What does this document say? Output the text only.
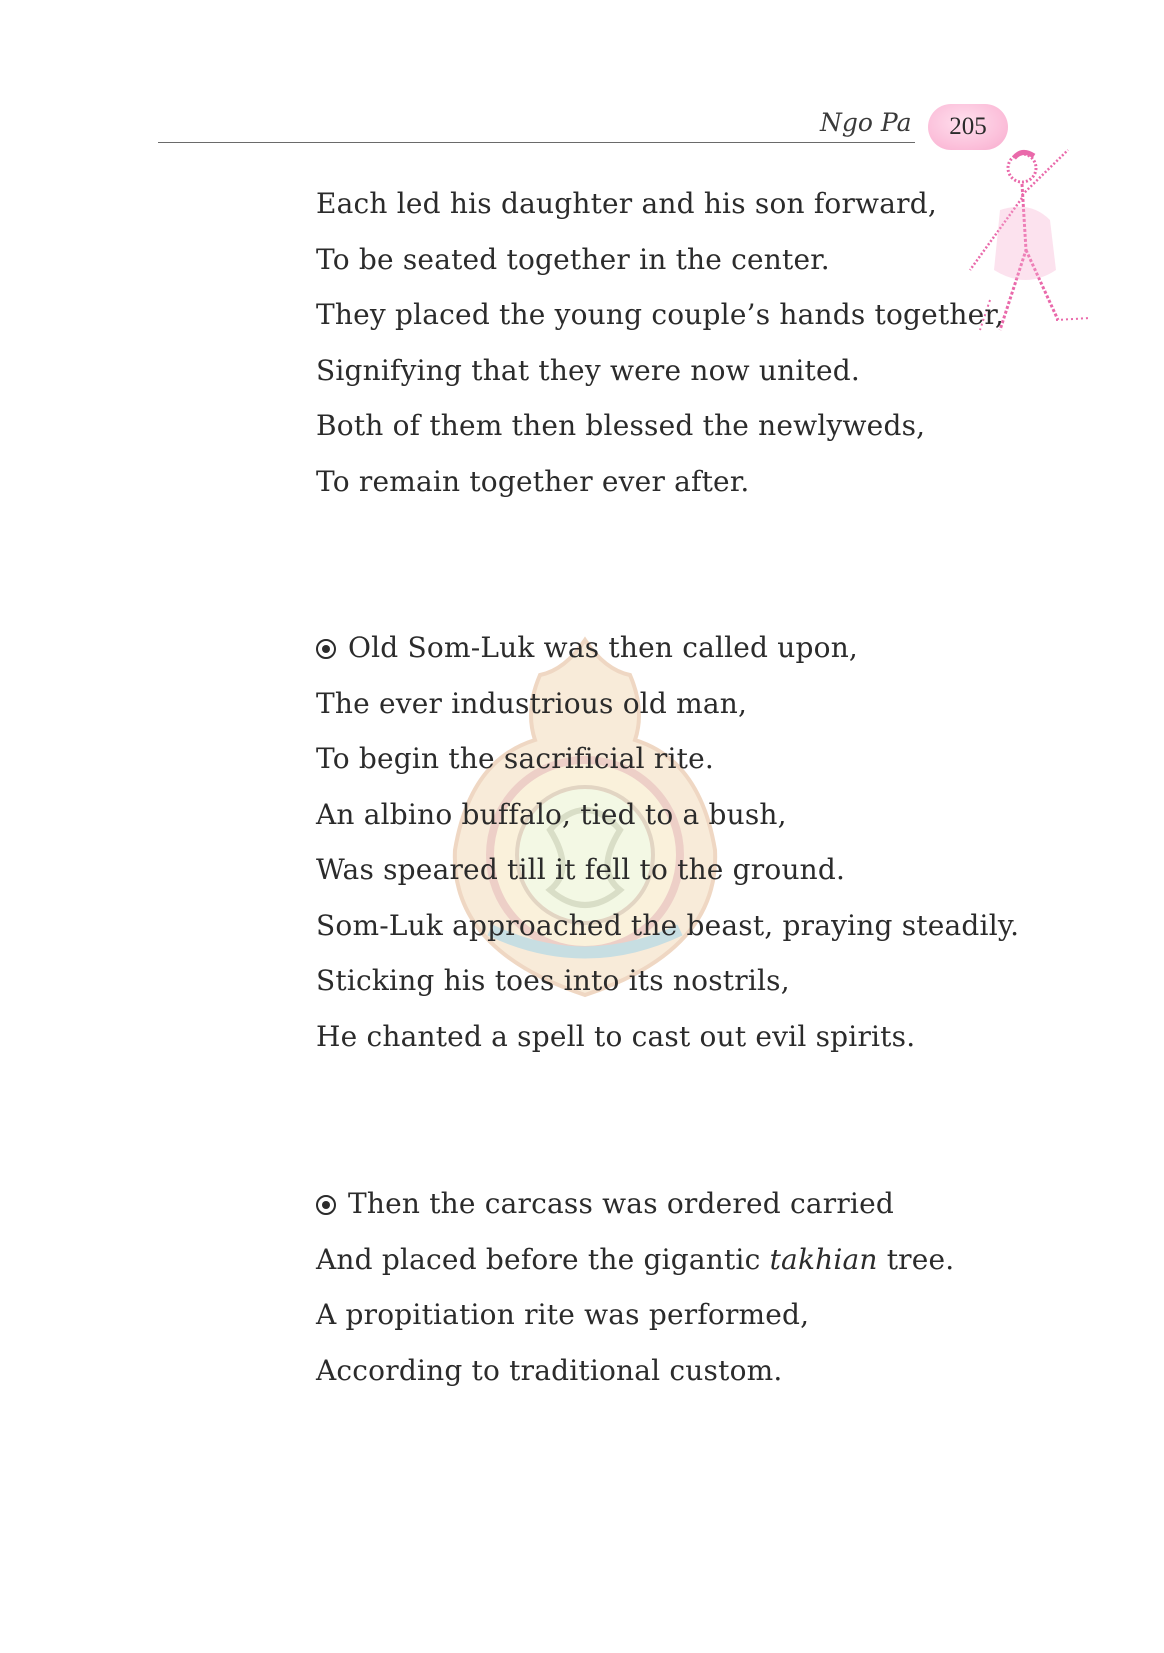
Ngo Pa 205
Each led his daughter and his son forward,
To be seated together in the center.
They placed the young couple’s hands together,
Signifying that they were now united.
Both of them then blessed the newlyweds,
To remain together ever after.
Old Som-Luk was then called upon,
The ever industrious old man,
To begin the sacrificial rite.
An albino buffalo, tied to a bush,
Was speared till it fell to the ground.
Som-Luk approached the beast, praying steadily.
Sticking his toes into its nostrils,
He chanted a spell to cast out evil spirits.
Then the carcass was ordered carried
And placed before the gigantic takhian tree.
A propitiation rite was performed,
According to traditional custom.
